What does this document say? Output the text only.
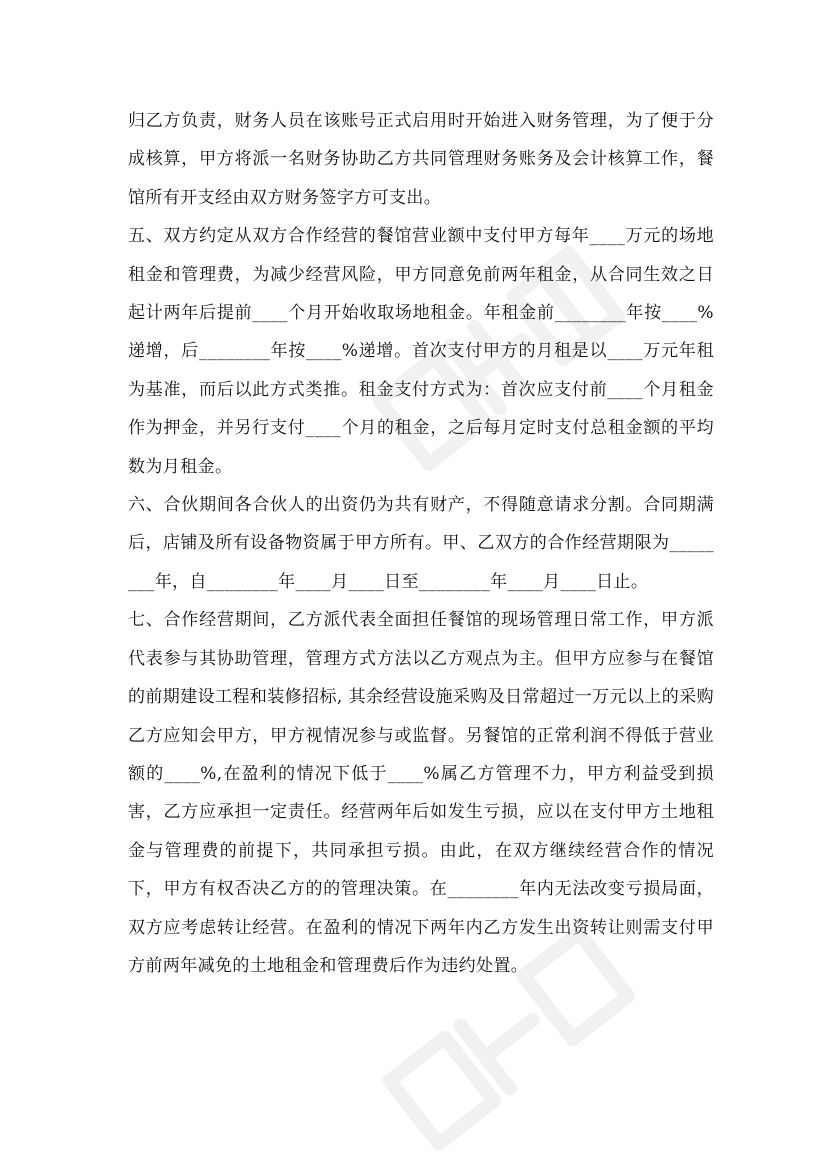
归乙方负责，财务人员在该账号正式启用时开始进入财务管理，为了便于分成核算，甲方将派一名财务协助乙方共同管理财务账务及会计核算工作，餐馆所有开支经由双方财务签字方可支出。

五、双方约定从双方合作经营的餐馆营业额中支付甲方每年____万元的场地租金和管理费，为减少经营风险，甲方同意免前两年租金，从合同生效之日起计两年后提前____个月开始收取场地租金。年租金前________年按____%递增，后________年按____%递增。首次支付甲方的月租是以____万元年租为基准，而后以此方式类推。租金支付方式为：首次应支付前____个月租金作为押金，并另行支付____个月的租金，之后每月定时支付总租金额的平均数为月租金。

六、合伙期间各合伙人的出资仍为共有财产，不得随意请求分割。合同期满后，店铺及所有设备物资属于甲方所有。甲、乙双方的合作经营期限为________年，自________年____月____日至________年____月____日止。

七、合作经营期间，乙方派代表全面担任餐馆的现场管理日常工作，甲方派代表参与其协助管理，管理方式方法以乙方观点为主。但甲方应参与在餐馆的前期建设工程和装修招标, 其余经营设施采购及日常超过一万元以上的采购乙方应知会甲方，甲方视情况参与或监督。另餐馆的正常利润不得低于营业额的____%,在盈利的情况下低于____%属乙方管理不力，甲方利益受到损害，乙方应承担一定责任。经营两年后如发生亏损，应以在支付甲方土地租金与管理费的前提下，共同承担亏损。由此，在双方继续经营合作的情况下，甲方有权否决乙方的的管理决策。在________年内无法改变亏损局面，双方应考虑转让经营。在盈利的情况下两年内乙方发生出资转让则需支付甲方前两年减免的土地租金和管理费后作为违约处置。
